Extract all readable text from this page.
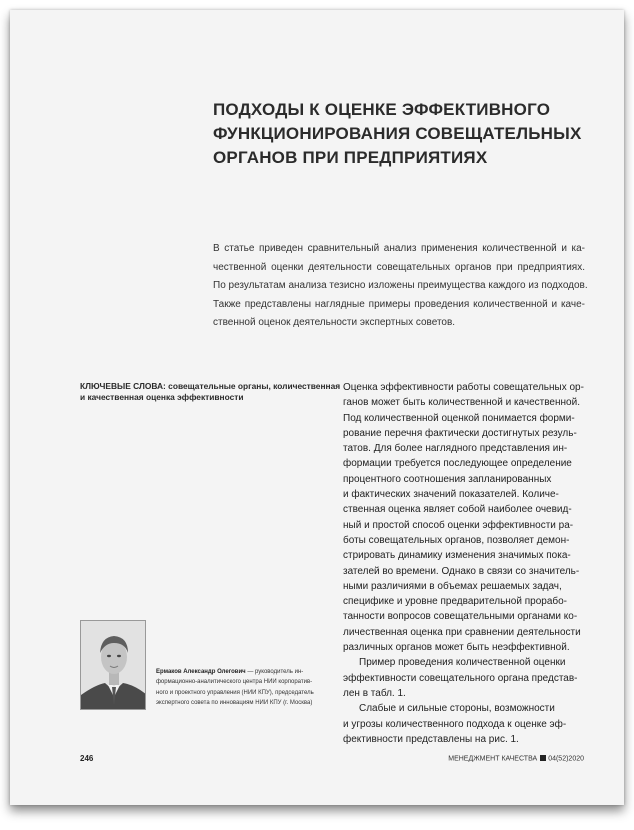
ПОДХОДЫ К ОЦЕНКЕ ЭФФЕКТИВНОГО
ФУНКЦИОНИРОВАНИЯ СОВЕЩАТЕЛЬНЫХ
ОРГАНОВ ПРИ ПРЕДПРИЯТИЯХ
В статье приведен сравнительный анализ применения количественной и ка-
чественной оценки деятельности совещательных органов при предприятиях.
По результатам анализа тезисно изложены преимущества каждого из подходов.
Также представлены наглядные примеры проведения количественной и каче-
ственной оценок деятельности экспертных советов.
КЛЮЧЕВЫЕ СЛОВА: совещательные органы, количественная
и качественная оценка эффективности
Оценка эффективности работы совещательных ор-
ганов может быть количественной и качественной.
Под количественной оценкой понимается форми-
рование перечня фактически достигнутых резуль-
татов. Для более наглядного представления ин-
формации требуется последующее определение
процентного соотношения запланированных
и фактических значений показателей. Количе-
ственная оценка являет собой наиболее очевид-
ный и простой способ оценки эффективности ра-
боты совещательных органов, позволяет демон-
стрировать динамику изменения значимых пока-
зателей во времени. Однако в связи со значитель-
ными различиями в объемах решаемых задач,
специфике и уровне предварительной прорабо-
танности вопросов совещательными органами ко-
личественная оценка при сравнении деятельности
различных органов может быть неэффективной.
Пример проведения количественной оценки
эффективности совещательного органа представ-
лен в табл. 1.
Слабые и сильные стороны, возможности
и угрозы количественного подхода к оценке эф-
фективности представлены на рис. 1.
Ермаков Александр Олегович — руководитель ин-
формационно-аналитического центра НИИ корпоратив-
ного и проектного управления (НИИ КПУ), председатель
экспертного совета по инновациям НИИ КПУ (г. Москва)
246	МЕНЕДЖМЕНТ КАЧЕСТВА 04(52)2020
